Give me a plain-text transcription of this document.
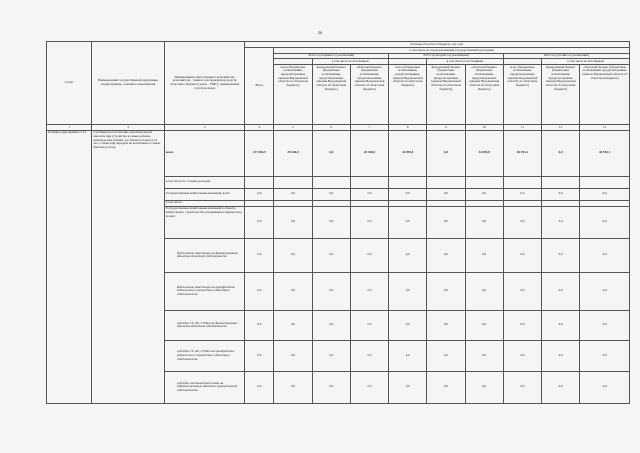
26
Статус	Наименование государственной программы, подпрограммы, основного мероприятия	Наименование ответственного исполнителя, исполнителя - главного распорядителя средств областного бюджета (далее - ГРБС), наименование статей расходов	Расходы областного бюджета, тыс. руб.									
			Всего	в том числе по годам реализации государственной программы								
				2014 год (первый год реализации)			2015 год (второй год реализации)			2016 год (третий год реализации)		
					в том числе по источникам			в том числе по источникам			в том числе по источникам	
				всего (бюджетные ассигнования, предусмотренные законом Воронежской области об областном бюджете)	федеральный бюджет (бюджетные ассигнования, предусмотренные законом Воронежской области об областном бюджете)	областной бюджет (бюджетные ассигнования, предусмотренные законом Воронежской области об областном бюджете)	всего (бюджетные ассигнования, предусмотренные законом Воронежской области об областном бюджете)	федеральный бюджет (бюджетные ассигнования, предусмотренные законом Воронежской области об областном бюджете)	областной бюджет (бюджетные ассигнования, предусмотренные законом Воронежской области об областном бюджете)	всего (бюджетные ассигнования, предусмотренные законом Воронежской области об областном бюджете)	федеральный бюджет (бюджетные ассигнования, предусмотренные законом Воронежской области об областном бюджете)	областной бюджет (бюджетные ассигнования, предусмотренные законом Воронежской области об областном бюджете)
1	2	3	4	5	6	7	8	9	10	11	12	13
Основное мероприятие 2.12	Субсидии на обеспечение дополнительной выплаты при устройстве в семью ребенка-инвалида или ребенка, достигшего возраста 10 лет, а также при передаче на воспитание в семью братьев (сестер)	всего	137 004,9	28 340,0	0,0	28 340,0	44 095,8	0,0	44 095,8	46 593,1	0,0	46 593,1
		в том числе по статьям расходов:										
		Государственные капитальные вложения, всего	0,0	0,0	0,0	0,0	0,0	0,0	0,0	0,0	0,0	0,0
		в том числе:										
		Государственные капитальные вложения в объекты капитального строительства и недвижимое имущество), из них:	0,0	0,0	0,0	0,0	0,0	0,0	0,0	0,0	0,0	0,0
		бюджетные инвестиции на финансирование объектов областной собственности	0,0	0,0	0,0	0,0	0,0	0,0	0,0	0,0	0,0	0,0
		бюджетные инвестиции на приобретение недвижимого имущества в областную собственность	0,0	0,0	0,0	0,0	0,0	0,0	0,0	0,0	0,0	0,0
		субсидии ГУ, АУ, ГУПам на финансирование объектов областной собственности	0,0	0,0	0,0	0,0	0,0	0,0	0,0	0,0	0,0	0,0
		субсидии ГУ, АУ, ГУПам на приобретение недвижимого имущества в областную собственность	0,0	0,0	0,0	0,0	0,0	0,0	0,0	0,0	0,0	0,0
		субсидии местным бюджетам на софинансирование объектов муниципальной собственности	0,0	0,0	0,0	0,0	0,0	0,0	0,0	0,0	0,0	0,0
